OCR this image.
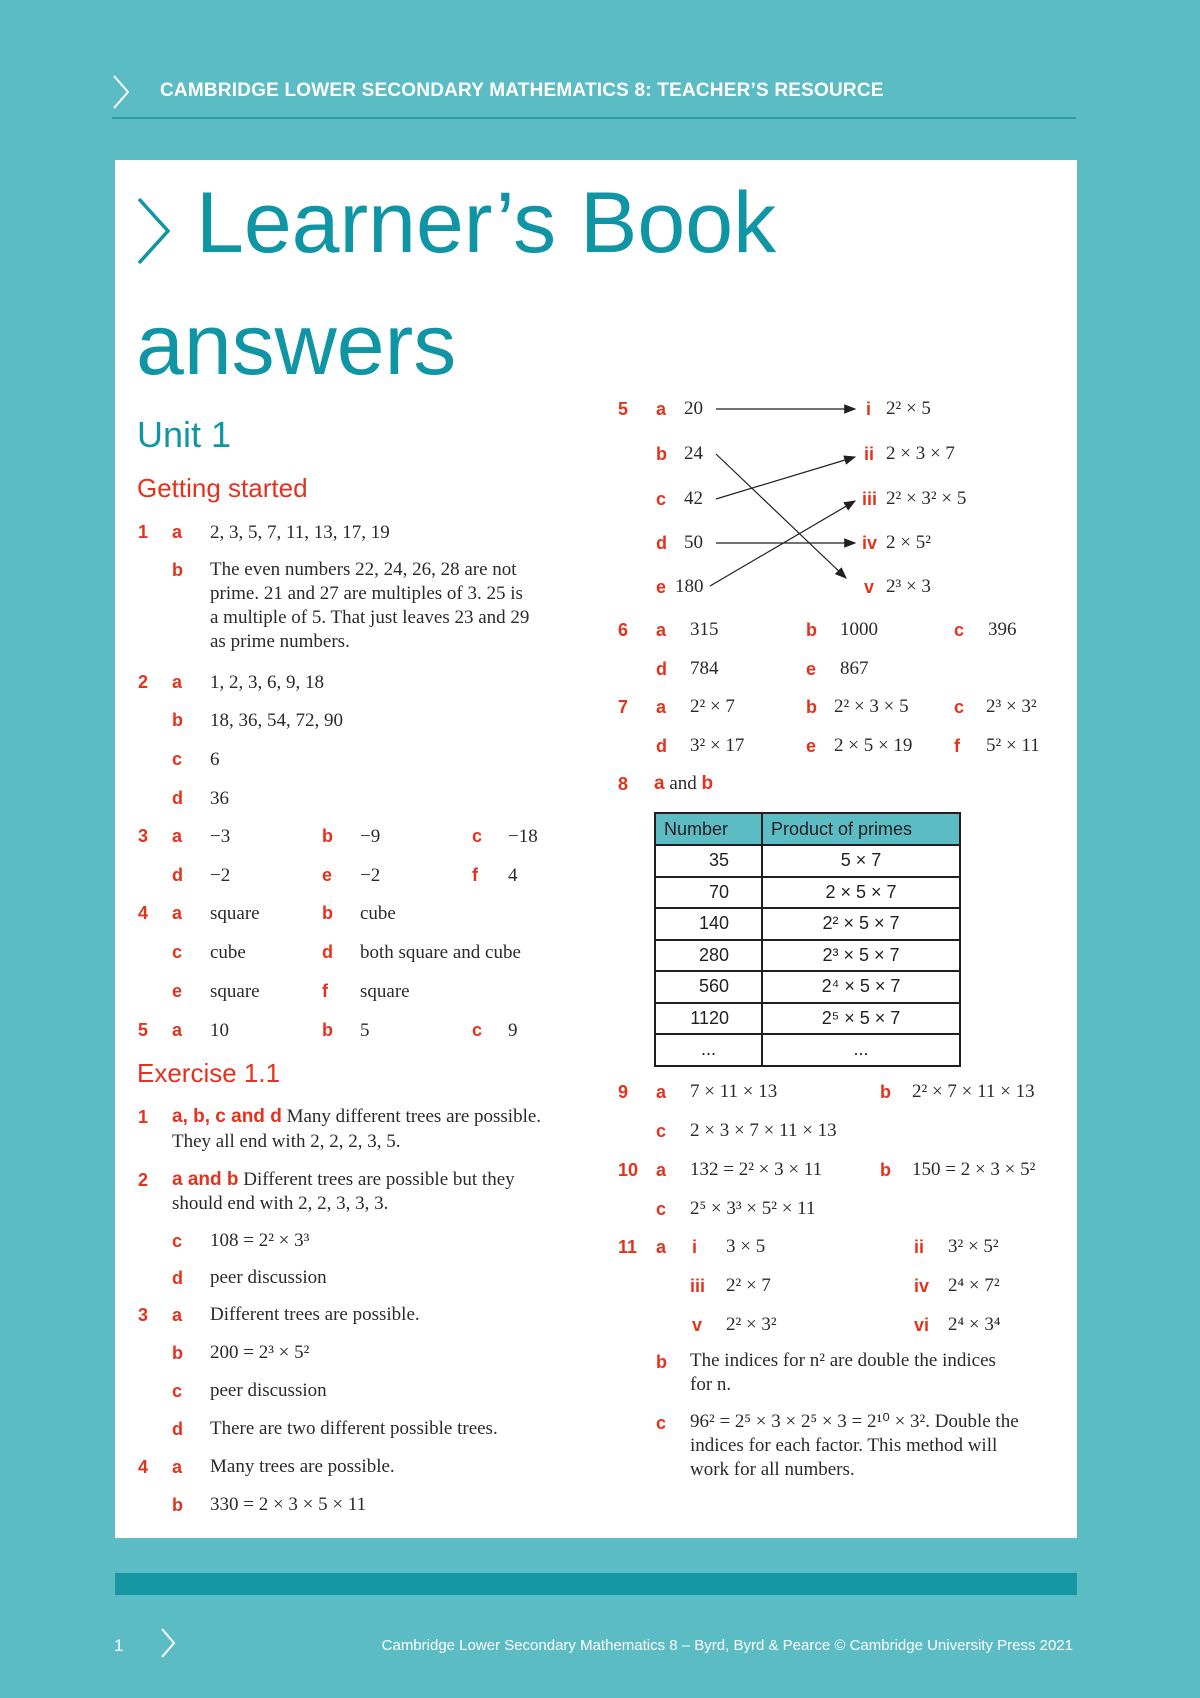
CAMBRIDGE LOWER SECONDARY MATHEMATICS 8: TEACHER’S RESOURCE
Learner’s Book
answers
Unit 1
Getting started
1 a 2, 3, 5, 7, 11, 13, 17, 19
b The even numbers 22, 24, 26, 28 are not
prime. 21 and 27 are multiples of 3. 25 is
a multiple of 5. That just leaves 23 and 29
as prime numbers.
2 a 1, 2, 3, 6, 9, 18
b 18, 36, 54, 72, 90
c 6
d 36
3 a −3	b −9	c −18
d −2	e −2	f 4
4 a square	b cube
c cube	d both square and cube
e square	f square
5 a 10	b 5	c 9
Exercise 1.1
1 a, b, c and d Many different trees are possible.
They all end with 2, 2, 2, 3, 5.
2 a and b Different trees are possible but they
should end with 2, 2, 3, 3, 3.
c 108 = 2² × 3³
d peer discussion
3 a Different trees are possible.
b 200 = 2³ × 5²
c peer discussion
d There are two different possible trees.
4 a Many trees are possible.
b 330 = 2 × 3 × 5 × 11
5 a 20
b 24
c 42
d 50
e 180
i 2² × 5
ii 2 × 3 × 7
iii 2² × 3² × 5
iv 2 × 5²
v 2³ × 3
6 a 315	b 1000	c 396
d 784	e 867
7 a 2² × 7	b 2² × 3 × 5	c 2³ × 3²
d 3² × 17	e 2 × 5 × 19 f 5² × 11
8 a and b
Number	Product of primes
35	5 × 7
70	2 × 5 × 7
140	2² × 5 × 7
280	2³ × 5 × 7
560	2⁴ × 5 × 7
1120	2⁵ × 5 × 7
...	...
9 a 7 × 11 × 13	b 2² × 7 × 11 × 13
c 2 × 3 × 7 × 11 × 13
10 a 132 = 2² × 3 × 11	b 150 = 2 × 3 × 5²
c 2⁵ × 3³ × 5² × 11
11 a i 3 × 5	ii 3² × 5²
iii 2² × 7	iv 2⁴ × 7²
v 2² × 3²	vi 2⁴ × 3⁴
b The indices for n² are double the indices
for n.
c 96² = 2⁵ × 3 × 2⁵ × 3 = 2¹⁰ × 3². Double the
indices for each factor. This method will
work for all numbers.
1	Cambridge Lower Secondary Mathematics 8 – Byrd, Byrd & Pearce © Cambridge University Press 2021
